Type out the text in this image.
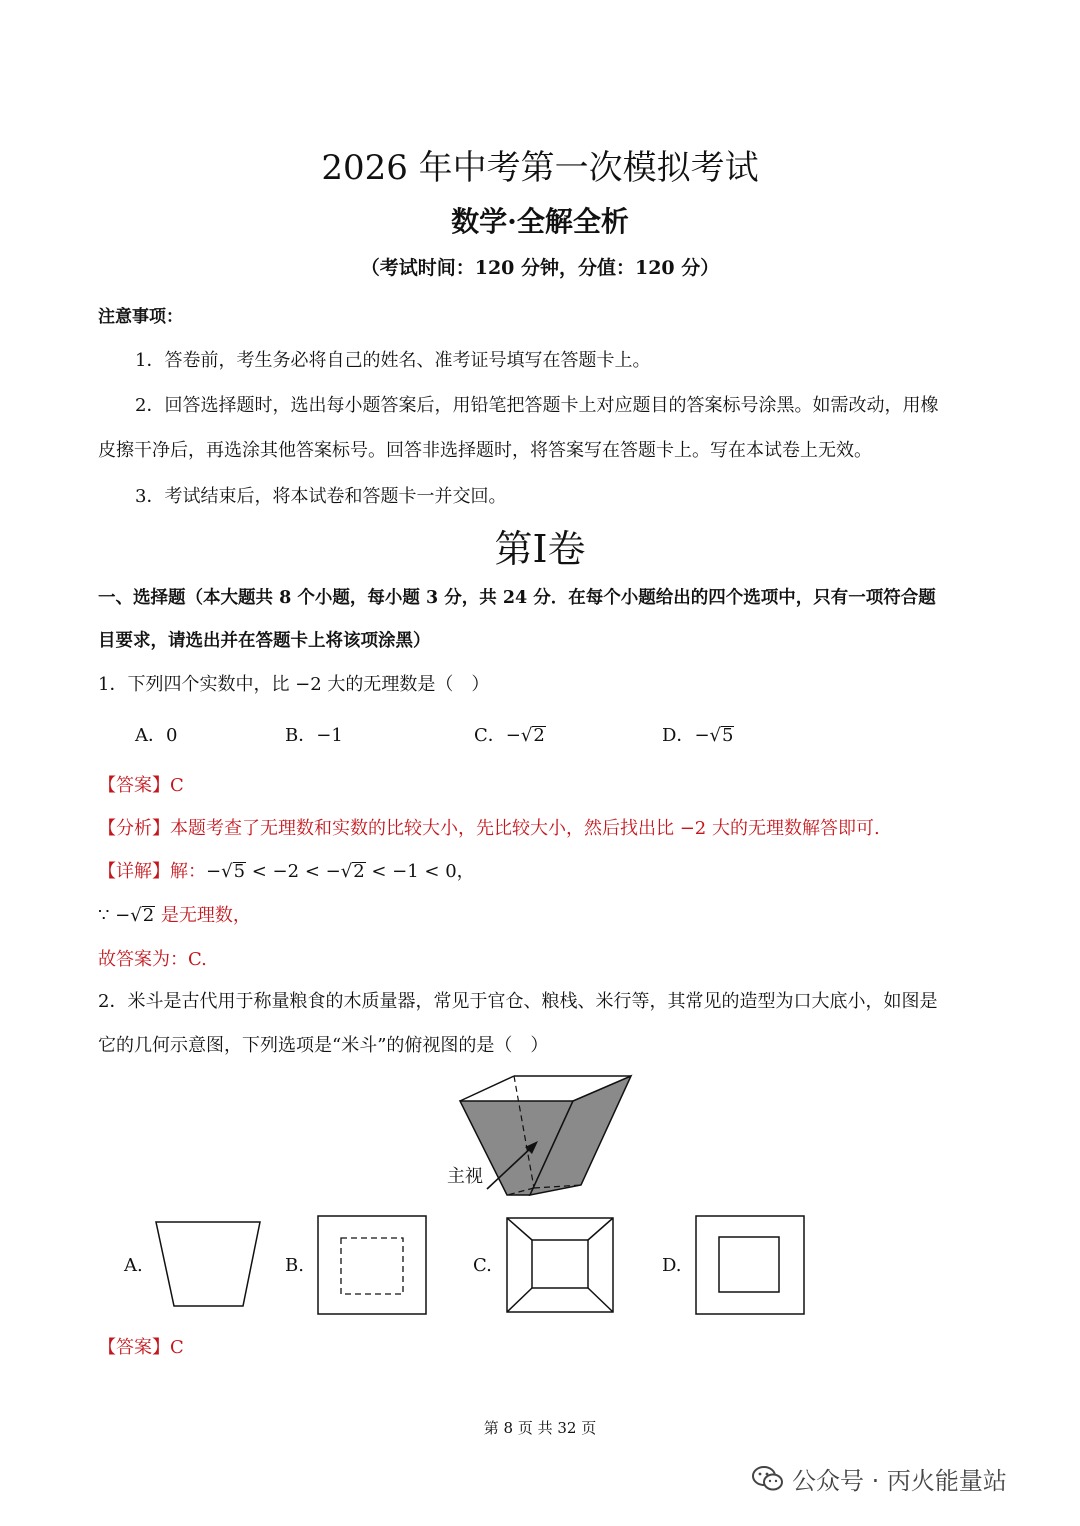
2026 年中考第一次模拟考试
数学·全解全析
（考试时间：120 分钟，分值：120 分）
注意事项：
1．答卷前，考生务必将自己的姓名、准考证号填写在答题卡上。
2．回答选择题时，选出每小题答案后，用铅笔把答题卡上对应题目的答案标号涂黑。如需改动，用橡
皮擦干净后，再选涂其他答案标号。回答非选择题时，将答案写在答题卡上。写在本试卷上无效。
3．考试结束后，将本试卷和答题卡一并交回。
第I卷
一、选择题（本大题共 8 个小题，每小题 3 分，共 24 分．在每个小题给出的四个选项中，只有一项符合题
目要求，请选出并在答题卡上将该项涂黑）
1．下列四个实数中，比 −2 大的无理数是（　）
A．0	B．−1	C．−√2	D．−√5
【答案】C
【分析】本题考查了无理数和实数的比较大小，先比较大小，然后找出比 −2 大的无理数解答即可.
【详解】解：−√5 < −2 < −√2 < −1 < 0，
∵ −√2 是无理数，
故答案为：C.
2．米斗是古代用于称量粮食的木质量器，常见于官仓、粮栈、米行等，其常见的造型为口大底小，如图是
它的几何示意图，下列选项是“米斗”的俯视图的是（　）
主视
A.	B.	C.	D.
【答案】C
第 8 页 共 32 页
公众号 · 丙火能量站
